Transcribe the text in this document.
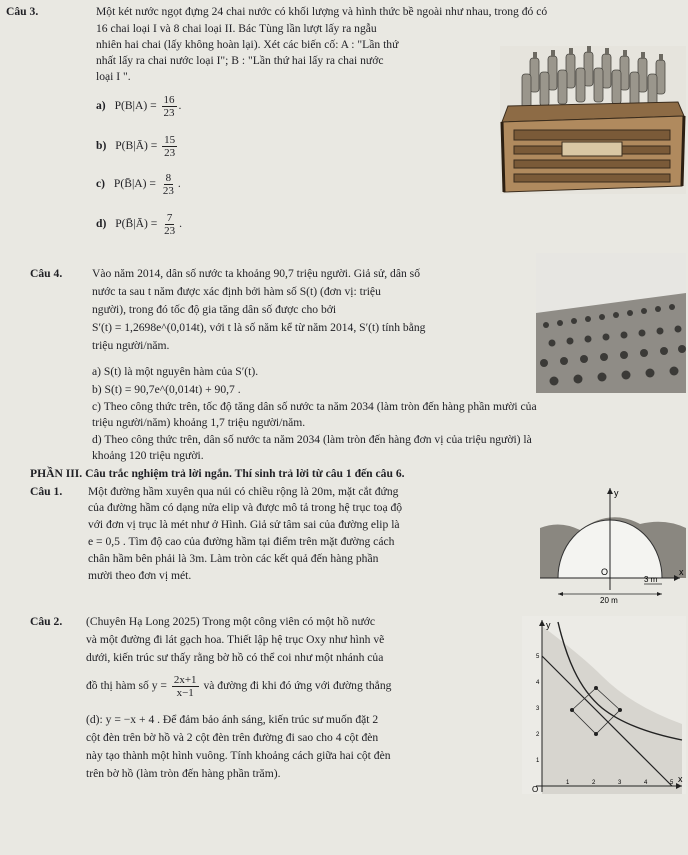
Câu 3.	Một két nước ngọt đựng 24 chai nước có khối lượng và hình thức bề ngoài như nhau, trong đó có
16 chai loại I và 8 chai loại II. Bác Tùng lần lượt lấy ra ngẫu
nhiên hai chai (lấy không hoàn lại). Xét các biến cố: A : "Lần thứ
nhất lấy ra chai nước loại I"; B : "Lần thứ hai lấy ra chai nước
loại I ".
a) $P(B|A) = \frac{16}{23}$ .
b) P(B|Ā) = $\frac{15}{23}$
c) P(B̄|A) = $\frac{8}{23}$ .
d) P(B̄|Ā) = $\frac{7}{23}$ .
Câu 4.	Vào năm 2014, dân số nước ta khoảng 90,7 triệu người. Giả sử, dân số
nước ta sau t năm được xác định bởi hàm số S(t) (đơn vị: triệu
người), trong đó tốc độ gia tăng dân số được cho bởi
S′(t) = 1,2698e^(0,014t), với t là số năm kể từ năm 2014, S′(t) tính bằng
triệu người/năm.
a) S(t) là một nguyên hàm của S′(t).
b) S(t) = 90,7e^(0,014t) + 90,7 .
c) Theo công thức trên, tốc độ tăng dân số nước ta năm 2034 (làm tròn đến hàng phần mười của
triệu người/năm) khoảng 1,7 triệu người/năm.
d) Theo công thức trên, dân số nước ta năm 2034 (làm tròn đến hàng đơn vị của triệu người) là
khoảng 120 triệu người.
PHẦN III. Câu trắc nghiệm trả lời ngắn. Thí sinh trả lời từ câu 1 đến câu 6.
Câu 1. Một đường hầm xuyên qua núi có chiều rộng là 20m, mặt cắt đứng
của đường hầm có dạng nửa elip và được mô tả trong hệ trục toạ độ
với đơn vị trục là mét như ở Hình. Giả sử tâm sai của đường elip là
e = 0,5 . Tìm độ cao của đường hầm tại điểm trên mặt đường cách
chân hầm bên phải là 3m. Làm tròn các kết quả đến hàng phần
mười theo đơn vị mét.
y
O	x
3 m
20 m
Câu 2. (Chuyên Hạ Long 2025) Trong một công viên có một hồ nước
và một đường đi lát gạch hoa. Thiết lập hệ trục Oxy như hình vẽ
dưới, kiến trúc sư thấy rằng bờ hồ có thể coi như một nhánh của
đồ thị hàm số $y = \frac{2x+1}{x-1}$ và đường đi khi đó ứng với đường thẳng
(d): y = −x + 4 . Để đảm bảo ánh sáng, kiến trúc sư muốn đặt 2
cột đèn trên bờ hồ và 2 cột đèn trên đường đi sao cho 4 cột đèn
này tạo thành một hình vuông. Tính khoảng cách giữa hai cột đèn
trên bờ hồ (làm tròn đến hàng phần trăm).
y
O
x
1	2	3	4	5
1
2
3
4
5
